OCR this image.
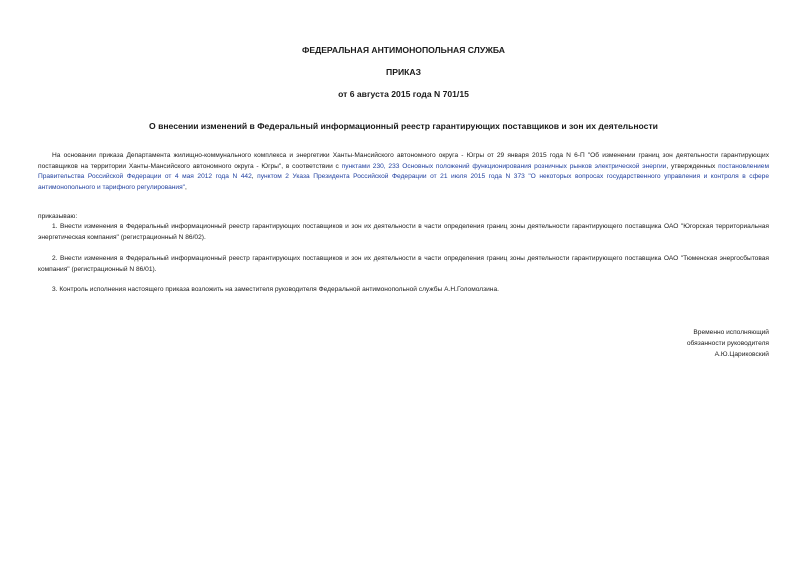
ФЕДЕРАЛЬНАЯ АНТИМОНОПОЛЬНАЯ СЛУЖБА
ПРИКАЗ
от 6 августа 2015 года N 701/15
О внесении изменений в Федеральный информационный реестр гарантирующих поставщиков и зон их деятельности
На основании приказа Департамента жилищно-коммунального комплекса и энергетики Ханты-Мансийского автономного округа - Югры от 29 января 2015 года N 6-П "Об изменении границ зон деятельности гарантирующих поставщиков на территории Ханты-Мансийского автономного округа - Югры", в соответствии с пунктами 230, 233 Основных положений функционирования розничных рынков электрической энергии, утвержденных постановлением Правительства Российской Федерации от 4 мая 2012 года N 442, пунктом 2 Указа Президента Российской Федерации от 21 июля 2015 года N 373 "О некоторых вопросах государственного управления и контроля в сфере антимонопольного и тарифного регулирования",
приказываю:
1. Внести изменения в Федеральный информационный реестр гарантирующих поставщиков и зон их деятельности в части определения границ зоны деятельности гарантирующего поставщика ОАО "Югорская территориальная энергетическая компания" (регистрационный N 86/02).
2. Внести изменения в Федеральный информационный реестр гарантирующих поставщиков и зон их деятельности в части определения границ зоны деятельности гарантирующего поставщика ОАО "Тюменская энергосбытовая компания" (регистрационный N 86/01).
3. Контроль исполнения настоящего приказа возложить на заместителя руководителя Федеральной антимонопольной службы А.Н.Голомолзина.
Временно исполняющий
обязанности руководителя
А.Ю.Цариковский
